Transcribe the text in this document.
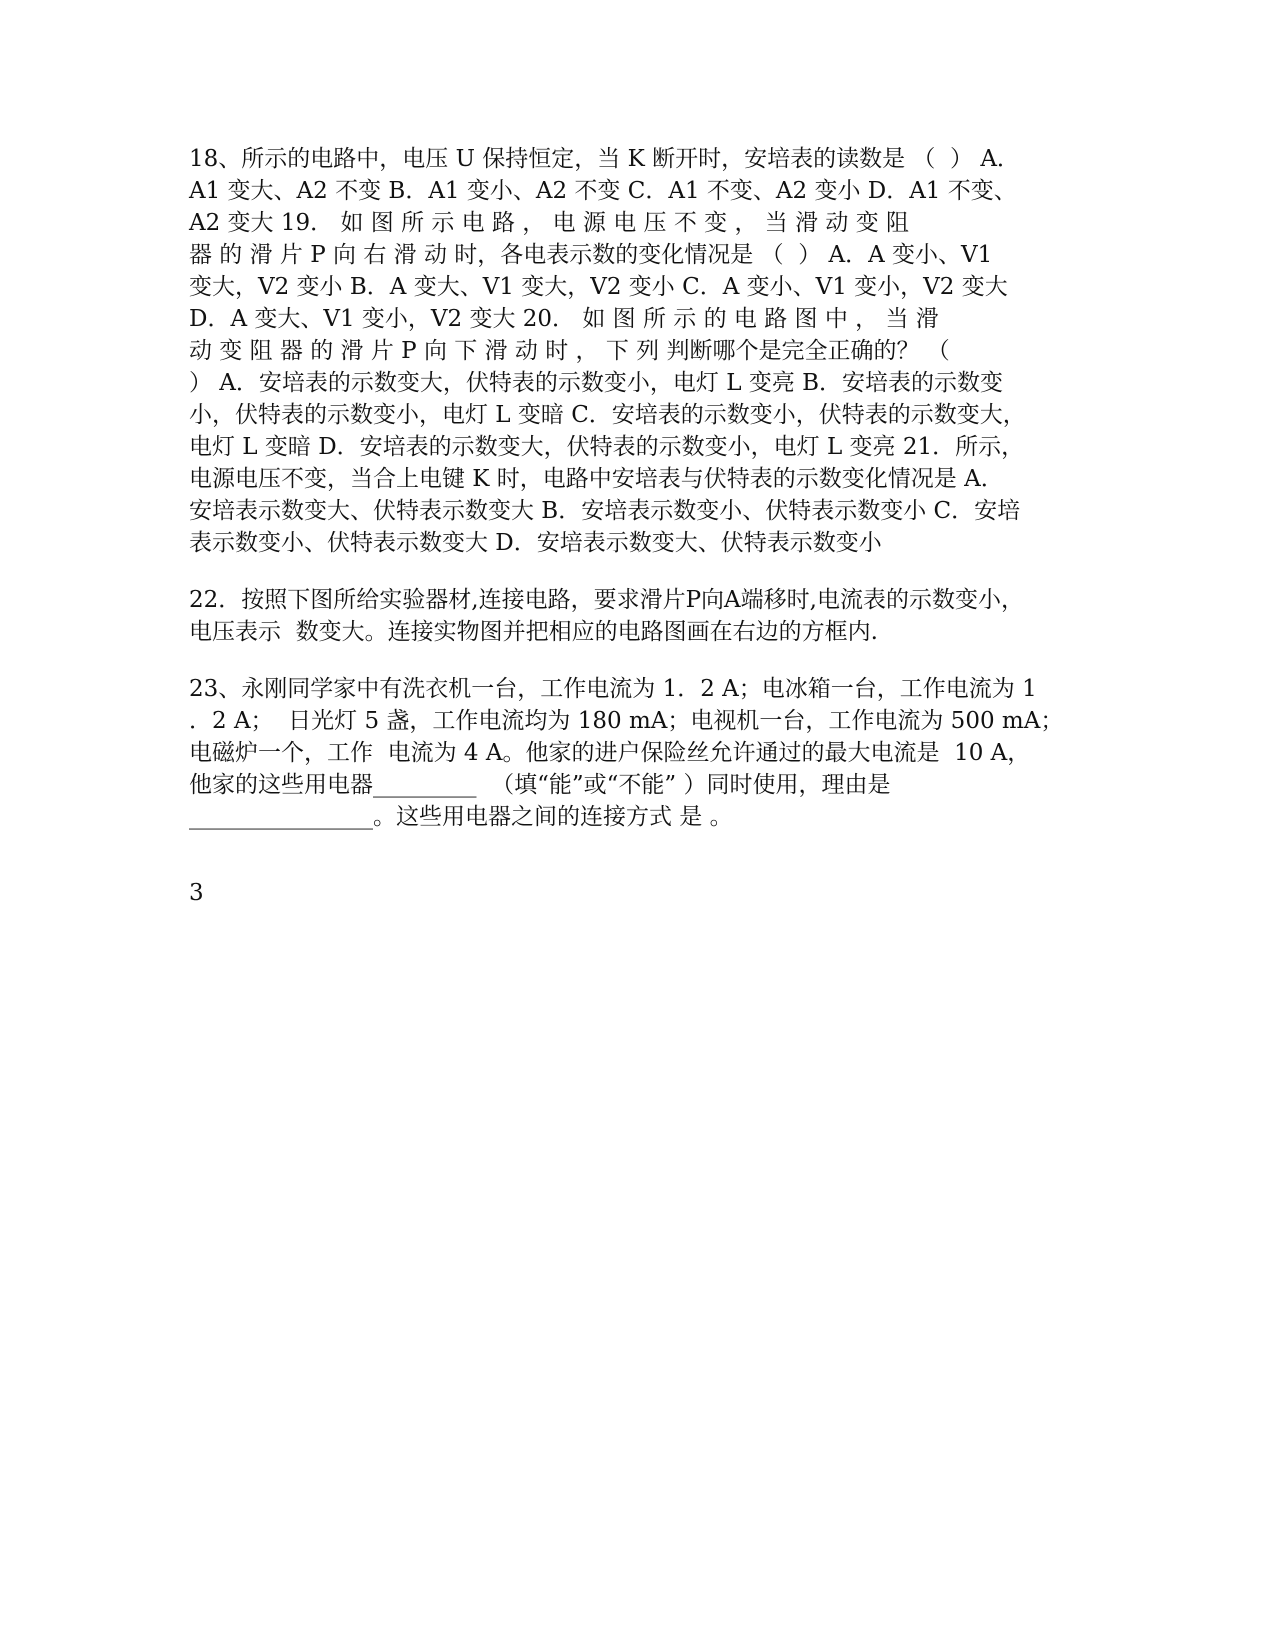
18、所示的电路中，电压 U 保持恒定，当 K 断开时，安培表的读数是 （  ） A．
A1 变大、A2 不变 B．A1 变小、A2 不变 C．A1 不变、A2 变小 D．A1 不变、
A2 变大 19． 如 图 所 示 电 路 ， 电 源 电 压 不 变 ， 当 滑 动 变 阻
器 的 滑 片 P 向 右 滑 动 时，各电表示数的变化情况是 （  ） A．A 变小、V1
变大，V2 变小 B．A 变大、V1 变大，V2 变小 C．A 变小、V1 变小，V2 变大
D．A 变大、V1 变小，V2 变大 20． 如 图 所 示 的 电 路 图 中 ， 当 滑
动 变 阻 器 的 滑 片 P 向 下 滑 动 时 ， 下 列 判断哪个是完全正确的？ （
） A．安培表的示数变大，伏特表的示数变小，电灯 L 变亮 B．安培表的示数变
小，伏特表的示数变小，电灯 L 变暗 C．安培表的示数变小，伏特表的示数变大，
电灯 L 变暗 D．安培表的示数变大，伏特表的示数变小，电灯 L 变亮 21．所示，
电源电压不变，当合上电键 K 时，电路中安培表与伏特表的示数变化情况是 A．
安培表示数变大、伏特表示数变大 B．安培表示数变小、伏特表示数变小 C．安培
表示数变小、伏特表示数变大 D．安培表示数变大、伏特表示数变小
22．按照下图所给实验器材,连接电路，要求滑片P向A端移时,电流表的示数变小，
电压表示  数变大。连接实物图并把相应的电路图画在右边的方框内.
23、永刚同学家中有洗衣机一台，工作电流为 1．2 A；电冰箱一台，工作电流为 1
．2 A；  日光灯 5 盏，工作电流均为 180 mA；电视机一台，工作电流为 500 mA；
电磁炉一个，工作  电流为 4 A。他家的进户保险丝允许通过的最大电流是  10 A，
他家的这些用电器_________  （填“能”或“不能” ）同时使用，理由是
________________。这些用电器之间的连接方式 是 。
3
